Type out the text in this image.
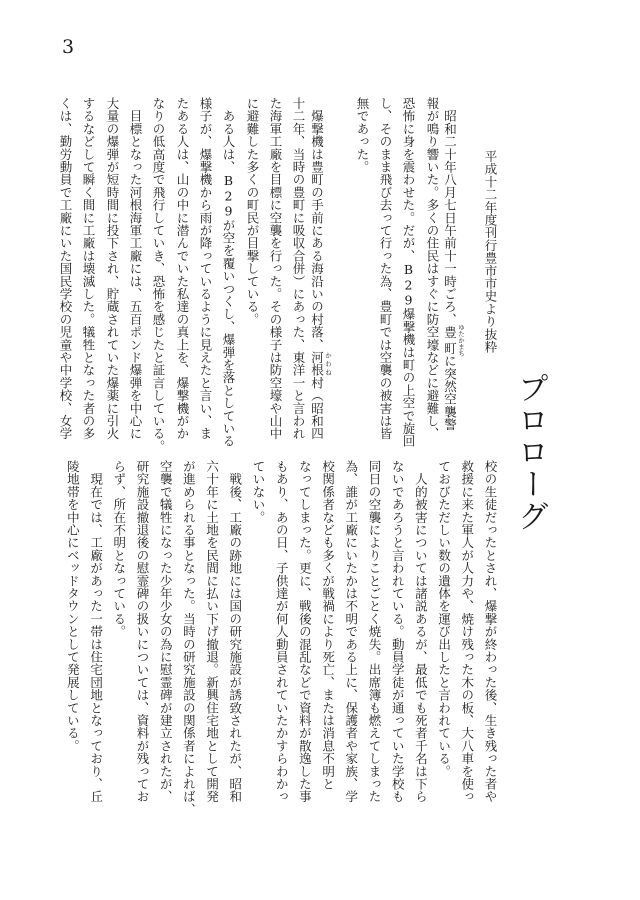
3
プロローグ
平成十二年度刊行豊市市史より抜粋
　昭和二十年八月七日午前十一時ごろ、豊町 ゆたかまちに突然空襲警
報が鳴り響いた。多くの住民はすぐに防空壕などに避難し、
恐怖に身を震わせた。だが、B29爆撃機は町の上空で旋回
し、そのまま飛び去って行った為、豊町では空襲の被害は皆
無であった。
　爆撃機は豊町の手前にある海沿いの村落、河根 かわね村（昭和四
十二年、当時の豊町に吸収合併）にあった、東洋一と言われ
た海軍工廠を目標に空襲を行った。その様子は防空壕や山中
に避難した多くの町民が目撃している。
　ある人は、B29が空を覆いつくし、爆弾を落としている
様子が、爆撃機から雨が降っているように見えたと言い、ま
たある人は、山の中に潜んでいた私達の真上を、爆撃機がか
なりの低高度で飛行していき、恐怖を感じたと証言している。
　目標となった河根海軍工廠には、五百ポンド爆弾を中心に
大量の爆弾が短時間に投下され、貯蔵されていた爆薬に引火
するなどして瞬く間に工廠は壊滅した。犠牲となった者の多
くは、勤労動員で工廠にいた国民学校の児童や中学校、女学
校の生徒だったとされ、爆撃が終わった後、生き残った者や
救援に来た軍人が人力や、焼け残った木の板、大八車を使っ
ておびただしい数の遺体を運び出したと言われている。
　人的被害については諸説あるが、最低でも死者千名は下ら
ないであろうと言われている。動員学徒が通っていた学校も
同日の空襲によりことごとく焼失。出席簿も燃えてしまった
為、誰が工廠にいたかは不明である上に、保護者や家族、学
校関係者なども多くが戦禍により死亡、または消息不明と
なってしまった。更に、戦後の混乱などで資料が散逸した事
もあり、あの日、子供達が何人動員されていたかすらわかっ
ていない。
　戦後、工廠の跡地には国の研究施設が誘致されたが、昭和
六十年に土地を民間に払い下げ撤退。新興住宅地として開発
が進められる事となった。当時の研究施設の関係者によれば、
空襲で犠牲になった少年少女の為に慰霊碑が建立されたが、
研究施設撤退後の慰霊碑の扱いについては、資料が残ってお
らず、所在不明となっている。
　現在では、工廠があった一帯は住宅団地となっており、丘
陵地帯を中心にベッドタウンとして発展している。
